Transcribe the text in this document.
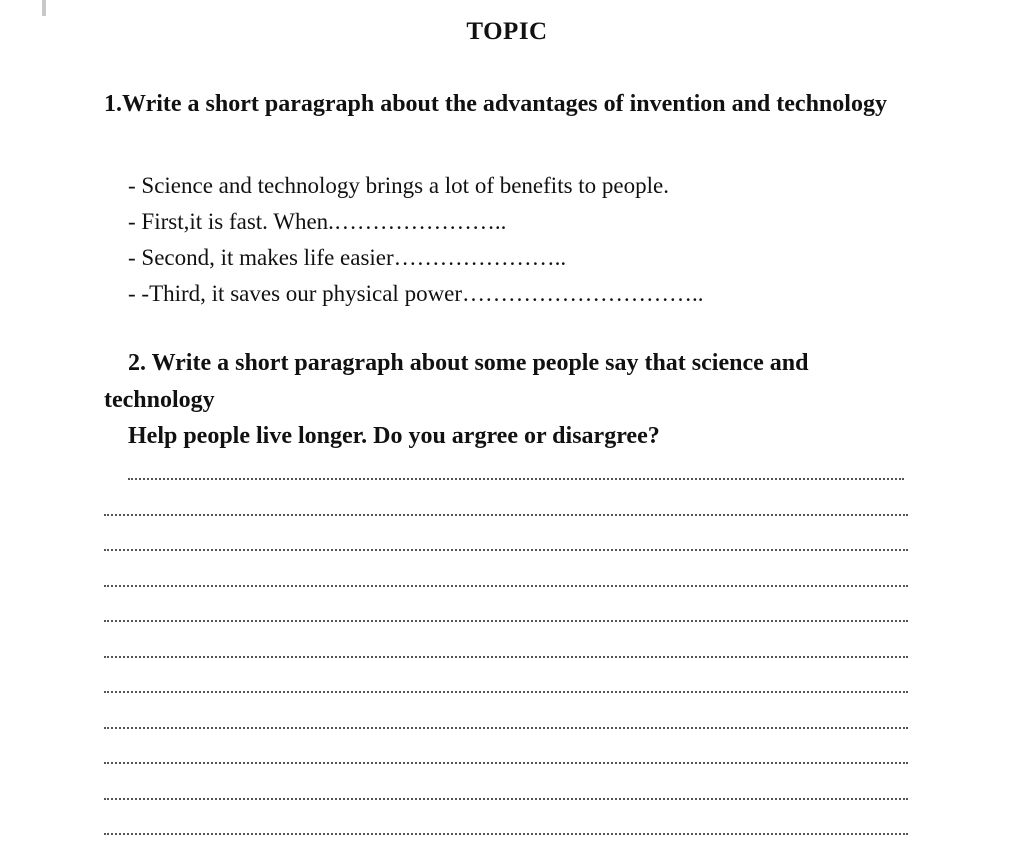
TOPIC
1.Write a short paragraph about the advantages of invention and technology
- Science and technology brings a lot of benefits to people.
- First,it is fast. When.…………………..
- Second, it makes life easier…………………..
- -Third, it saves our physical power…………………………..
2. Write a short paragraph about some people say that science and
technology
Help people live longer. Do you argree or disargree?
